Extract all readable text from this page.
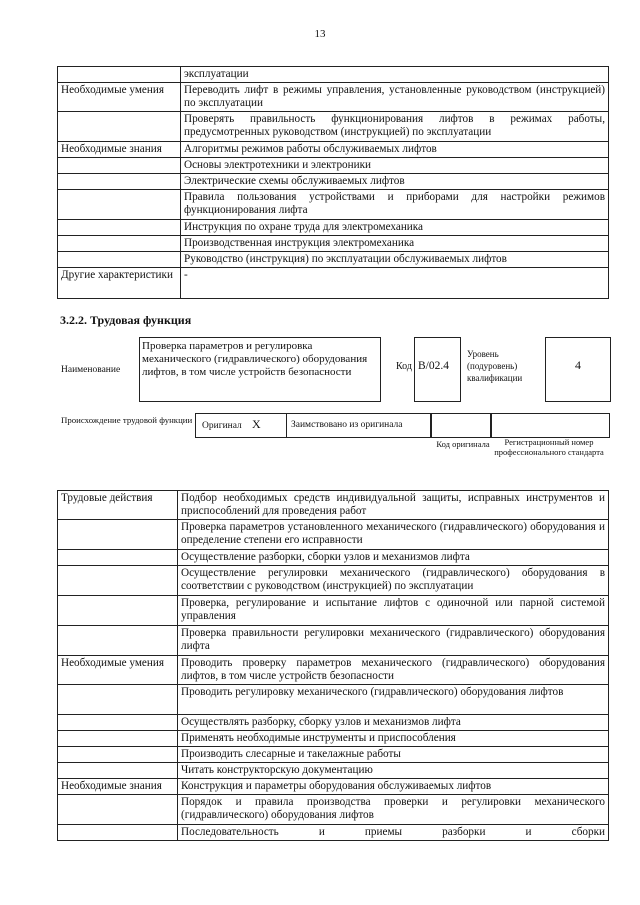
13
	эксплуатации
Необходимые умения	Переводить лифт в режимы управления, установленные руководством (инструкцией) по эксплуатации
	Проверять правильность функционирования лифтов в режимах работы, предусмотренных руководством (инструкцией) по эксплуатации
Необходимые знания	Алгоритмы режимов работы обслуживаемых лифтов
	Основы электротехники и электроники
	Электрические схемы обслуживаемых лифтов
	Правила пользования устройствами и приборами для настройки режимов функционирования лифта
	Инструкция по охране труда для электромеханика
	Производственная инструкция электромеханика
	Руководство (инструкция) по эксплуатации обслуживаемых лифтов
Другие характеристики	-
3.2.2. Трудовая функция
Наименование
Проверка параметров и регулировка механического (гидравлического) оборудования лифтов, в том числе устройств безопасности	Код B/02.4
Уровень (подуровень) квалификации
4
Происхождение трудовой функции
Оригинал X	Заимствовано из оригинала
Код оригинала	Регистрационный номер профессионального стандарта
Трудовые действия	Подбор необходимых средств индивидуальной защиты, исправных инструментов и приспособлений для проведения работ
	Проверка параметров установленного механического (гидравлического) оборудования и определение степени его исправности
	Осуществление разборки, сборки узлов и механизмов лифта
	Осуществление регулировки механического (гидравлического) оборудования в соответствии с руководством (инструкцией) по эксплуатации
	Проверка, регулирование и испытание лифтов с одиночной или парной системой управления
	Проверка правильности регулировки механического (гидравлического) оборудования лифта
Необходимые умения	Проводить проверку параметров механического (гидравлического) оборудования лифтов, в том числе устройств безопасности
	Проводить регулировку механического (гидравлического) оборудования лифтов
	Осуществлять разборку, сборку узлов и механизмов лифта
	Применять необходимые инструменты и приспособления
	Производить слесарные и такелажные работы
	Читать конструкторскую документацию
Необходимые знания	Конструкция и параметры оборудования обслуживаемых лифтов
	Порядок и правила производства проверки и регулировки механического (гидравлического) оборудования лифтов
	Последовательность и приемы разборки и сборки
